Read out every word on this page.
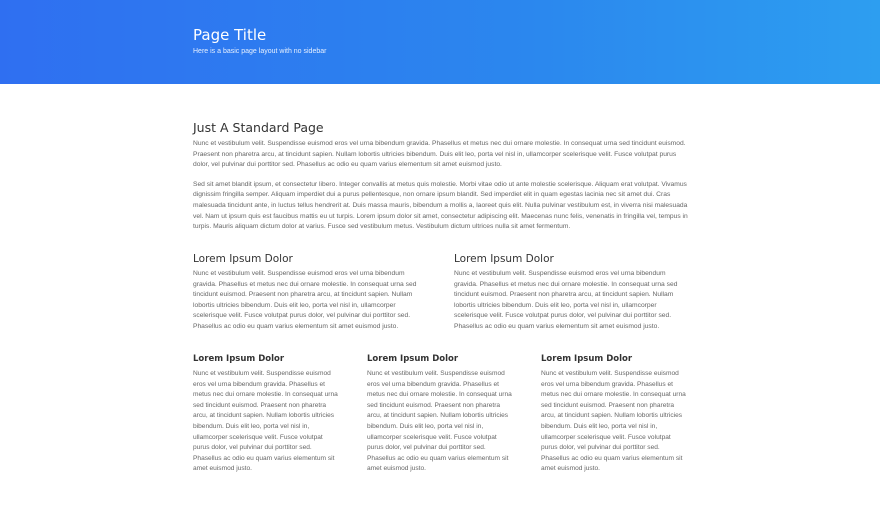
Page Title
Here is a basic page layout with no sidebar
Just A Standard Page

Nunc et vestibulum velit. Suspendisse euismod eros vel urna bibendum gravida. Phasellus et metus nec dui ornare molestie. In consequat urna sed tincidunt euismod. Praesent non pharetra arcu, at tincidunt sapien. Nullam lobortis ultricies bibendum. Duis elit leo, porta vel nisl in, ullamcorper scelerisque velit. Fusce volutpat purus dolor, vel pulvinar dui porttitor sed. Phasellus ac odio eu quam varius elementum sit amet euismod justo.

Sed sit amet blandit ipsum, et consectetur libero. Integer convallis at metus quis molestie. Morbi vitae odio ut ante molestie scelerisque. Aliquam erat volutpat. Vivamus dignissim fringilla semper. Aliquam imperdiet dui a purus pellentesque, non ornare ipsum blandit. Sed imperdiet elit in quam egestas lacinia nec sit amet dui. Cras malesuada tincidunt ante, in luctus tellus hendrerit at. Duis massa mauris, bibendum a mollis a, laoreet quis elit. Nulla pulvinar vestibulum est, in viverra nisi malesuada vel. Nam ut ipsum quis est faucibus mattis eu ut turpis. Lorem ipsum dolor sit amet, consectetur adipiscing elit. Maecenas nunc felis, venenatis in fringilla vel, tempus in turpis. Mauris aliquam dictum dolor at varius. Fusce sed vestibulum metus. Vestibulum dictum ultrices nulla sit amet fermentum.

Lorem Ipsum Dolor

Nunc et vestibulum velit. Suspendisse euismod eros vel urna bibendum gravida. Phasellus et metus nec dui ornare molestie. In consequat urna sed tincidunt euismod. Praesent non pharetra arcu, at tincidunt sapien. Nullam lobortis ultricies bibendum. Duis elit leo, porta vel nisl in, ullamcorper scelerisque velit. Fusce volutpat purus dolor, vel pulvinar dui porttitor sed. Phasellus ac odio eu quam varius elementum sit amet euismod justo.

Lorem Ipsum Dolor

Nunc et vestibulum velit. Suspendisse euismod eros vel urna bibendum gravida. Phasellus et metus nec dui ornare molestie. In consequat urna sed tincidunt euismod. Praesent non pharetra arcu, at tincidunt sapien. Nullam lobortis ultricies bibendum. Duis elit leo, porta vel nisl in, ullamcorper scelerisque velit. Fusce volutpat purus dolor, vel pulvinar dui porttitor sed. Phasellus ac odio eu quam varius elementum sit amet euismod justo.

Lorem Ipsum Dolor

Nunc et vestibulum velit. Suspendisse euismod eros vel urna bibendum gravida. Phasellus et metus nec dui ornare molestie. In consequat urna sed tincidunt euismod. Praesent non pharetra arcu, at tincidunt sapien. Nullam lobortis ultricies bibendum. Duis elit leo, porta vel nisl in, ullamcorper scelerisque velit. Fusce volutpat purus dolor, vel pulvinar dui porttitor sed. Phasellus ac odio eu quam varius elementum sit amet euismod justo.

Lorem Ipsum Dolor

Nunc et vestibulum velit. Suspendisse euismod eros vel urna bibendum gravida. Phasellus et metus nec dui ornare molestie. In consequat urna sed tincidunt euismod. Praesent non pharetra arcu, at tincidunt sapien. Nullam lobortis ultricies bibendum. Duis elit leo, porta vel nisl in, ullamcorper scelerisque velit. Fusce volutpat purus dolor, vel pulvinar dui porttitor sed. Phasellus ac odio eu quam varius elementum sit amet euismod justo.

Lorem Ipsum Dolor

Nunc et vestibulum velit. Suspendisse euismod eros vel urna bibendum gravida. Phasellus et metus nec dui ornare molestie. In consequat urna sed tincidunt euismod. Praesent non pharetra arcu, at tincidunt sapien. Nullam lobortis ultricies bibendum. Duis elit leo, porta vel nisl in, ullamcorper scelerisque velit. Fusce volutpat purus dolor, vel pulvinar dui porttitor sed. Phasellus ac odio eu quam varius elementum sit amet euismod justo.
